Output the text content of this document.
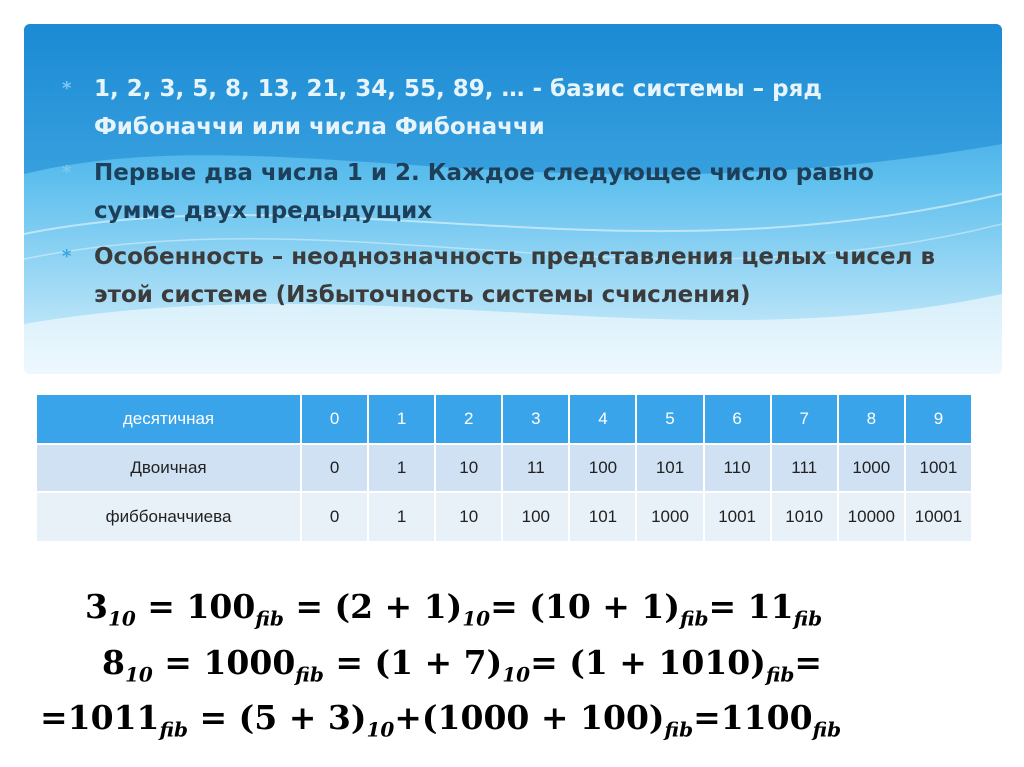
* 1, 2, 3, 5, 8, 13, 21, 34, 55, 89, … - базис системы – ряд Фибоначчи или числа Фибоначчи
* Первые два числа 1 и 2. Каждое следующее число равно сумме двух предыдущих
* Особенность – неоднозначность представления целых чисел в этой системе (Избыточность системы счисления)
десятичная	0	1	2	3	4	5	6	7	8	9
Двоичная	0	1	10	11	100	101	110	111	1000	1001
фиббоначчиева	0	1	10	100	101	1000	1001	1010	10000	10001
$3_{10} = 100_{fib} = (2 + 1)_{10}= (10 + 1)_{fib}= 11_{fib}$
$8_{10} = 1000_{fib} = (1 + 7)_{10}= (1 + 1010)_{fib}=$
$=1011_{fib} = (5 + 3)_{10}+(1000 + 100)_{fib}=1100_{fib}$
